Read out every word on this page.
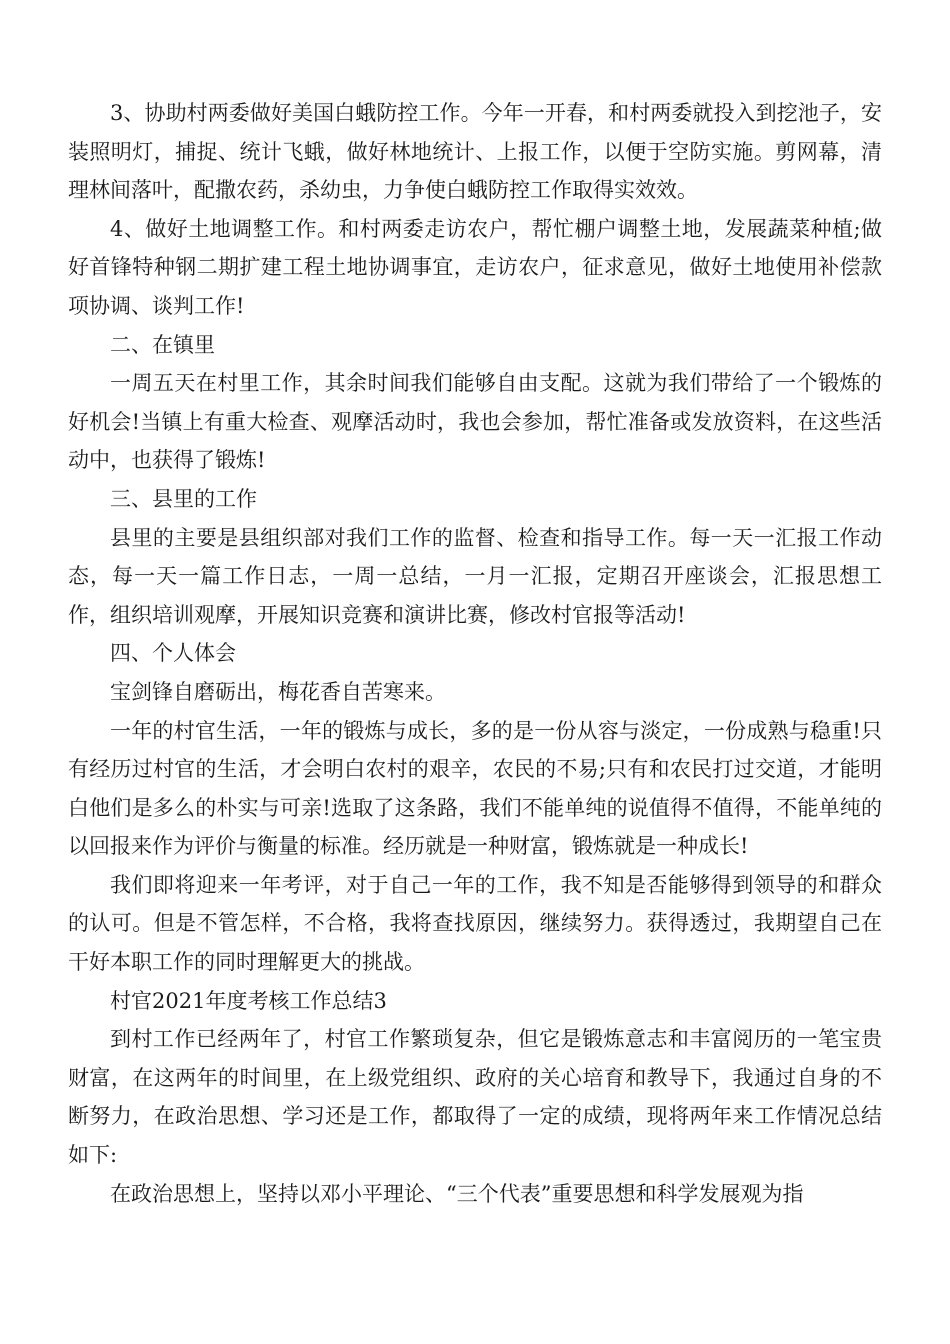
3、协助村两委做好美国白蛾防控工作。今年一开春，和村两委就投入到挖池子，安装照明灯，捕捉、统计飞蛾，做好林地统计、上报工作，以便于空防实施。剪网幕，清理林间落叶，配撒农药，杀幼虫，力争使白蛾防控工作取得实效效。

4、做好土地调整工作。和村两委走访农户，帮忙棚户调整土地，发展蔬菜种植;做好首锋特种钢二期扩建工程土地协调事宜，走访农户，征求意见，做好土地使用补偿款项协调、谈判工作!

二、在镇里

一周五天在村里工作，其余时间我们能够自由支配。这就为我们带给了一个锻炼的好机会!当镇上有重大检查、观摩活动时，我也会参加，帮忙准备或发放资料，在这些活动中，也获得了锻炼!

三、县里的工作

县里的主要是县组织部对我们工作的监督、检查和指导工作。每一天一汇报工作动态，每一天一篇工作日志，一周一总结，一月一汇报，定期召开座谈会，汇报思想工作，组织培训观摩，开展知识竞赛和演讲比赛，修改村官报等活动!

四、个人体会

宝剑锋自磨砺出，梅花香自苦寒来。

一年的村官生活，一年的锻炼与成长，多的是一份从容与淡定，一份成熟与稳重!只有经历过村官的生活，才会明白农村的艰辛，农民的不易;只有和农民打过交道，才能明白他们是多么的朴实与可亲!选取了这条路，我们不能单纯的说值得不值得，不能单纯的以回报来作为评价与衡量的标准。经历就是一种财富，锻炼就是一种成长!

我们即将迎来一年考评，对于自己一年的工作，我不知是否能够得到领导的和群众的认可。但是不管怎样，不合格，我将查找原因，继续努力。获得透过，我期望自己在干好本职工作的同时理解更大的挑战。

村官2021年度考核工作总结3

到村工作已经两年了，村官工作繁琐复杂，但它是锻炼意志和丰富阅历的一笔宝贵财富，在这两年的时间里，在上级党组织、政府的关心培育和教导下，我通过自身的不断努力，在政治思想、学习还是工作，都取得了一定的成绩，现将两年来工作情况总结如下:

在政治思想上，坚持以邓小平理论、“三个代表”重要思想和科学发展观为指
